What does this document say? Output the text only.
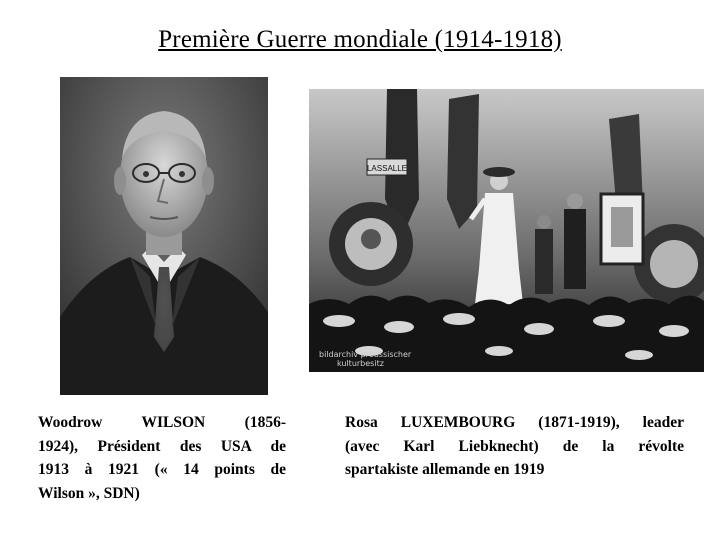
Première Guerre mondiale (1914-1918)
LASSALLE
bildarchiv preussischer
kulturbesitz
Woodrow WILSON (1856-
1924), Président des USA de
1913 à 1921 (« 14 points de
Wilson », SDN)
Rosa LUXEMBOURG (1871-1919), leader
(avec Karl Liebknecht) de la révolte
spartakiste allemande en 1919
